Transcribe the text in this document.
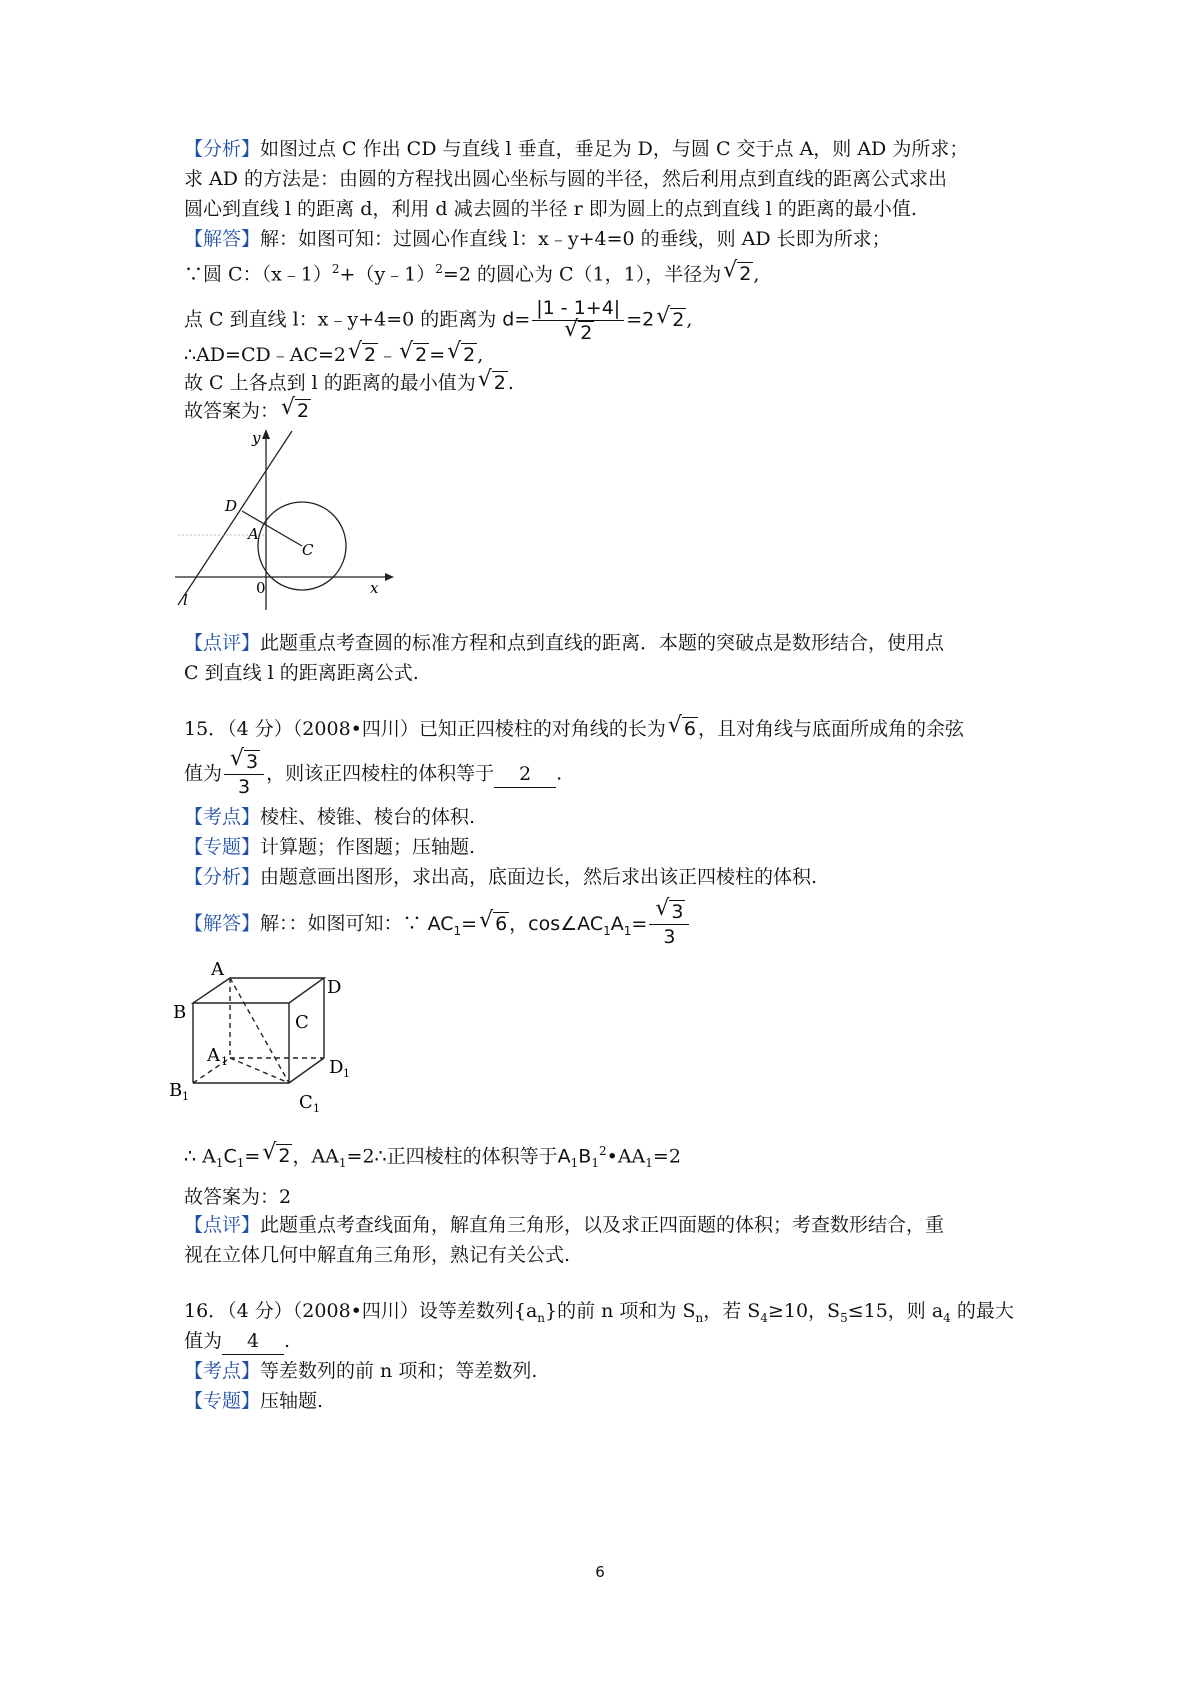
【分析】如图过点 C 作出 CD 与直线 l 垂直，垂足为 D，与圆 C 交于点 A，则 AD 为所求；
求 AD 的方法是：由圆的方程找出圆心坐标与圆的半径，然后利用点到直线的距离公式求出
圆心到直线 l 的距离 d，利用 d 减去圆的半径 r 即为圆上的点到直线 l 的距离的最小值.
【解答】解：如图可知：过圆心作直线 l：x﹣y+4=0 的垂线，则 AD 长即为所求；
∵圆 C：（x﹣1）$^2$+（y﹣1）$^2$=2 的圆心为 C（1，1），半径为√ 2 ,
点 C 到直线 l：x﹣y+4=0 的距离为 d= |1 - 1+4|
√ 2 =2√ 2 ,
∴AD=CD﹣AC=2√ 2 ﹣√ 2 =√ 2 ,
故 C 上各点到 l 的距离的最小值为√ 2 .
故答案为：√ 2
y
x
D
A
C
0
l
【点评】此题重点考查圆的标准方程和点到直线的距离．本题的突破点是数形结合，使用点
C 到直线 l 的距离距离公式.
15．（4 分）（2008•四川）已知正四棱柱的对角线的长为√ 6 ，且对角线与底面所成角的余弦
值为
√ $\frac{3}{3}$ ，则该正四棱柱的体积等于 2 .
【考点】棱柱、棱锥、棱台的体积.
【专题】计算题；作图题；压轴题.
【分析】由题意画出图形，求出高，底面边长，然后求出该正四棱柱的体积.
【解答】解：：如图可知：∵ $AC_1=√$ 6 ，$\cos\angle AC_1A_1=$
√ $\frac{3}{3}$
A
B	C
D
A 1
B 1	C 1
D 1
∴ $A_1C_1=√$ 2 ，$AA_1=2\therefore$正四棱柱的体积等于$A_1B_1^2•AA_1=2$
故答案为：2
【点评】此题重点考查线面角，解直角三角形，以及求正四面题的体积；考查数形结合，重
视在立体几何中解直角三角形，熟记有关公式.
16．（4 分）（2008•四川）设等差数列$\{a_n\}$的前 n 项和为 $S_n$，若 $S_4\ge 10$，$S_5\le 15$，则 $a_4$ 的最大
值为 4 .
【考点】等差数列的前 n 项和；等差数列.
【专题】压轴题.
6
